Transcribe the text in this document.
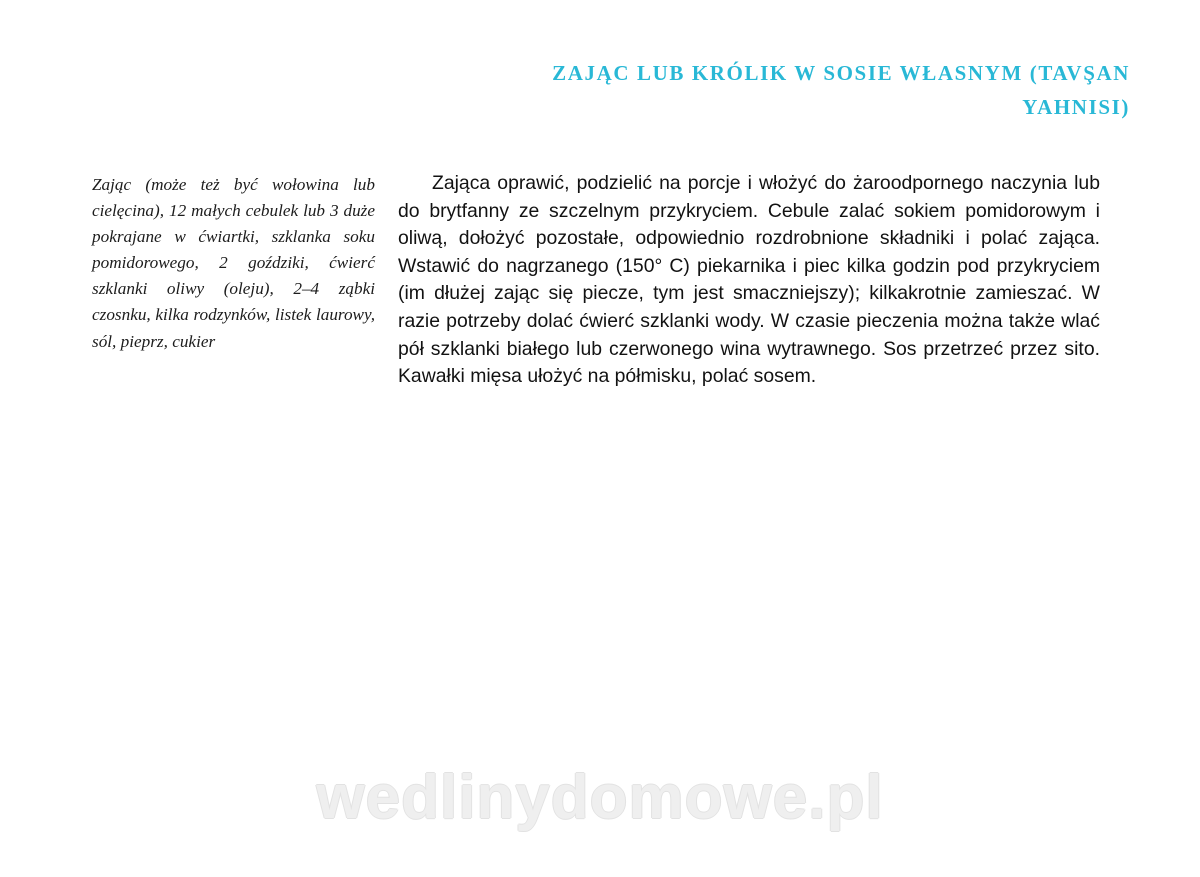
ZAJĄC LUB KRÓLIK W SOSIE WŁASNYM (TAVŞAN
YAHNISI)
Zając (może też być wołowina lub cielęcina), 12 małych cebulek lub 3 duże pokrajane w ćwiartki, szklanka soku pomidorowego, 2 goździki, ćwierć szklanki oliwy (oleju), 2–4 ząbki czosnku, kilka rodzynków, listek laurowy, sól, pieprz, cukier

Zająca oprawić, podzielić na porcje i włożyć do żaroodpornego naczynia lub do brytfanny ze szczelnym przykryciem. Cebule zalać sokiem pomidorowym i oliwą, dołożyć pozostałe, odpowiednio rozdrobnione składniki i polać zająca. Wstawić do nagrzanego (150° C) piekarnika i piec kilka godzin pod przykryciem (im dłużej zając się piecze, tym jest smaczniejszy); kilkakrotnie zamieszać. W razie potrzeby dolać ćwierć szklanki wody. W czasie pieczenia można także wlać pół szklanki białego lub czerwonego wina wytrawnego. Sos przetrzeć przez sito. Kawałki mięsa ułożyć na półmisku, polać sosem.

wedlinydomowe.pl
